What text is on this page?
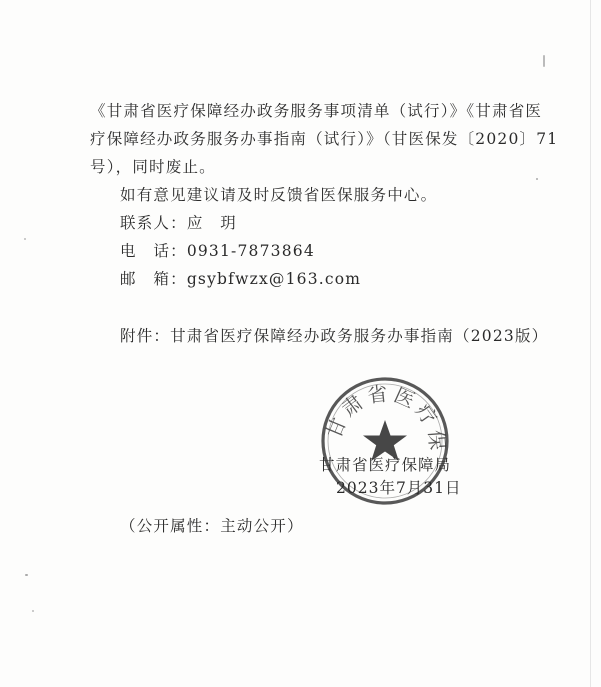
《甘肃省医疗保障经办政务服务事项清单（试行）》《甘肃省医
疗保障经办政务服务办事指南（试行）》（甘医保发〔2020〕71
号），同时废止。
如有意见建议请及时反馈省医保服务中心。
联系人：应　玥
电　话：0931-7873864
邮　箱：gsybfwzx@163.com
附件：甘肃省医疗保障经办政务服务办事指南（2023版）
甘肃省医疗保
甘肃省医疗保障局
2023年7月31日
（公开属性：主动公开）
